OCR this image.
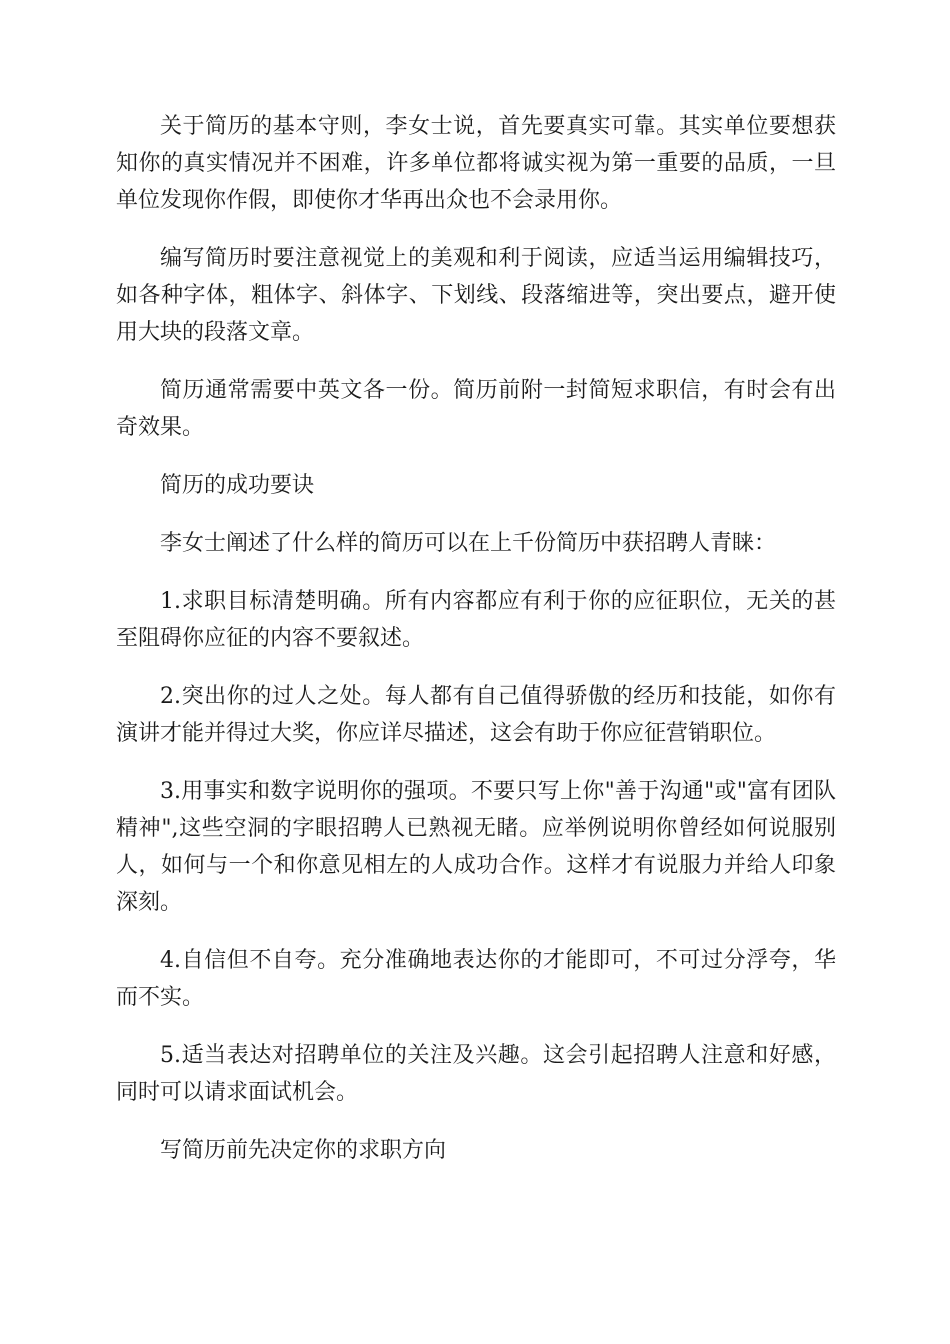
关于简历的基本守则，李女士说，首先要真实可靠。其实单位要想获知你的真实情况并不困难，许多单位都将诚实视为第一重要的品质，一旦单位发现你作假，即使你才华再出众也不会录用你。

编写简历时要注意视觉上的美观和利于阅读，应适当运用编辑技巧，如各种字体，粗体字、斜体字、下划线、段落缩进等，突出要点，避开使用大块的段落文章。

简历通常需要中英文各一份。简历前附一封简短求职信，有时会有出奇效果。

简历的成功要诀

李女士阐述了什么样的简历可以在上千份简历中获招聘人青睐：

1.求职目标清楚明确。所有内容都应有利于你的应征职位，无关的甚至阻碍你应征的内容不要叙述。

2.突出你的过人之处。每人都有自己值得骄傲的经历和技能，如你有演讲才能并得过大奖，你应详尽描述，这会有助于你应征营销职位。

3.用事实和数字说明你的强项。不要只写上你"善于沟通"或"富有团队精神",这些空洞的字眼招聘人已熟视无睹。应举例说明你曾经如何说服别人，如何与一个和你意见相左的人成功合作。这样才有说服力并给人印象深刻。

4.自信但不自夸。充分准确地表达你的才能即可，不可过分浮夸，华而不实。

5.适当表达对招聘单位的关注及兴趣。这会引起招聘人注意和好感，同时可以请求面试机会。

写简历前先决定你的求职方向
